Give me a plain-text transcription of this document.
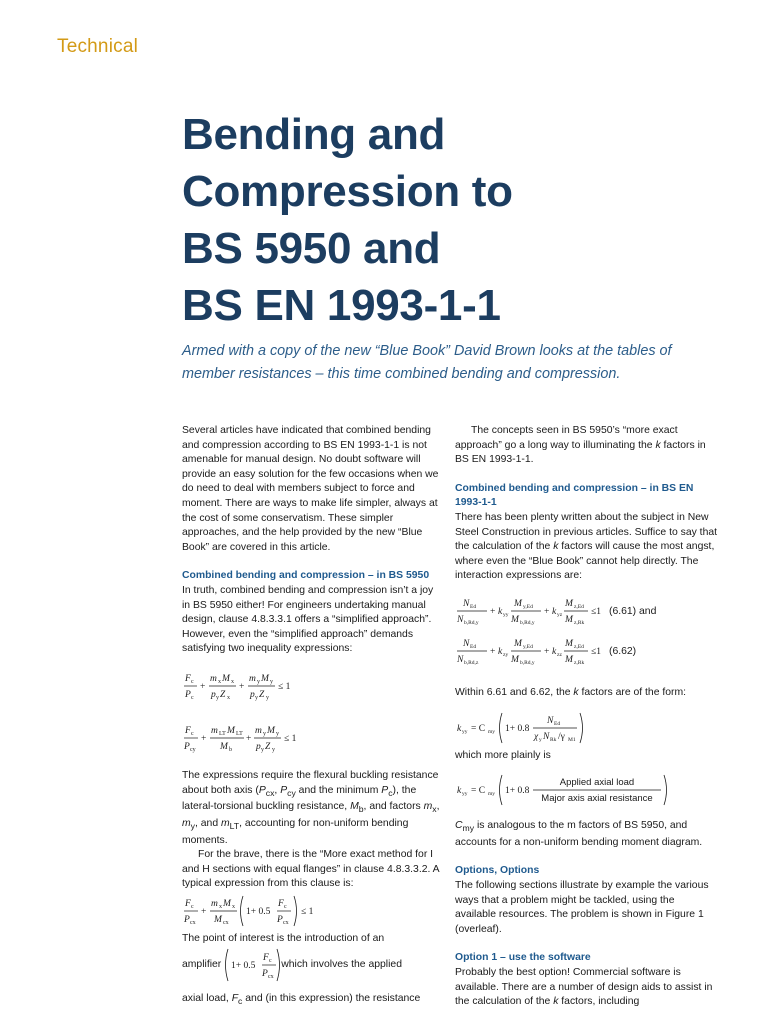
Technical
Bending and
Compression to
BS 5950 and
BS EN 1993-1-1

Armed with a copy of the new “Blue Book” David Brown looks at the tables of member resistances – this time combined bending and compression.

Several articles have indicated that combined bending and compression according to BS EN 1993-1-1 is not amenable for manual design. No doubt software will provide an easy solution for the few occasions when we do need to deal with members subject to force and moment. There are ways to make life simpler, always at the cost of some conservatism. These simpler approaches, and the help provided by the new “Blue Book” are covered in this article.

Combined bending and compression – in BS 5950

In truth, combined bending and compression isn’t a joy in BS 5950 either! For engineers undertaking manual design, clause 4.8.3.3.1 offers a “simplified approach”. However, even the “simplified approach” demands satisfying two inequality expressions:

F c
P c
+
m x M x
p y Z x
+
m y M y
p y Z y
≤ 1
F c
P cy
+
m LT M LT
M b
+
m y M y
p y Z y
≤ 1

The expressions require the flexural buckling resistance about both axis ($P_{cx}$, $P_{cy}$ and the minimum $P_c$), the lateral-torsional buckling resistance, $M_b$, and factors $m_x$, $m_y$, and $m_{LT}$, accounting for non-uniform bending moments.

For the brave, there is the “More exact method for I and H sections with equal flanges” in clause 4.8.3.3.2. A typical expression from this clause is:

F c
P cx
+
m x M x
M cx
1+ 0.5
F c
P cx
≤ 1

The point of interest is the introduction of an

amplifier 1+ 0.5
F c
P cx
which involves the applied

axial load, $F_c$ and (in this expression) the resistance

The concepts seen in BS 5950’s “more exact approach” go a long way to illuminating the k factors in BS EN 1993-1-1.

Combined bending and compression – in BS EN 1993-1-1

There has been plenty written about the subject in New Steel Construction in previous articles. Suffice to say that the calculation of the k factors will cause the most angst, where even the “Blue Book” cannot help directly. The interaction expressions are:

N Ed
N b,Rd,y
+ k yy
M y,Ed
M b,Rd,y
+ k yz
M z,Ed
M z,Rk
≤1 (6.61) and
N Ed
N b,Rd,z
+ k zy
M y,Ed
M b,Rd,y
+ k zz
M z,Ed
M z,Rk
≤1 (6.62)

Within 6.61 and 6.62, the k factors are of the form:

k yy = C my 1+ 0.8
N Ed
χ y N Rk /γ M1

which more plainly is

k yy = C my 1+ 0.8
Applied axial load
Major axis axial resistance

$C_{my}$ is analogous to the m factors of BS 5950, and accounts for a non-uniform bending moment diagram.

Options, Options

The following sections illustrate by example the various ways that a problem might be tackled, using the available resources. The problem is shown in Figure 1 (overleaf).

Option 1 – use the software

Probably the best option! Commercial software is available. There are a number of design aids to assist in the calculation of the k factors, including
